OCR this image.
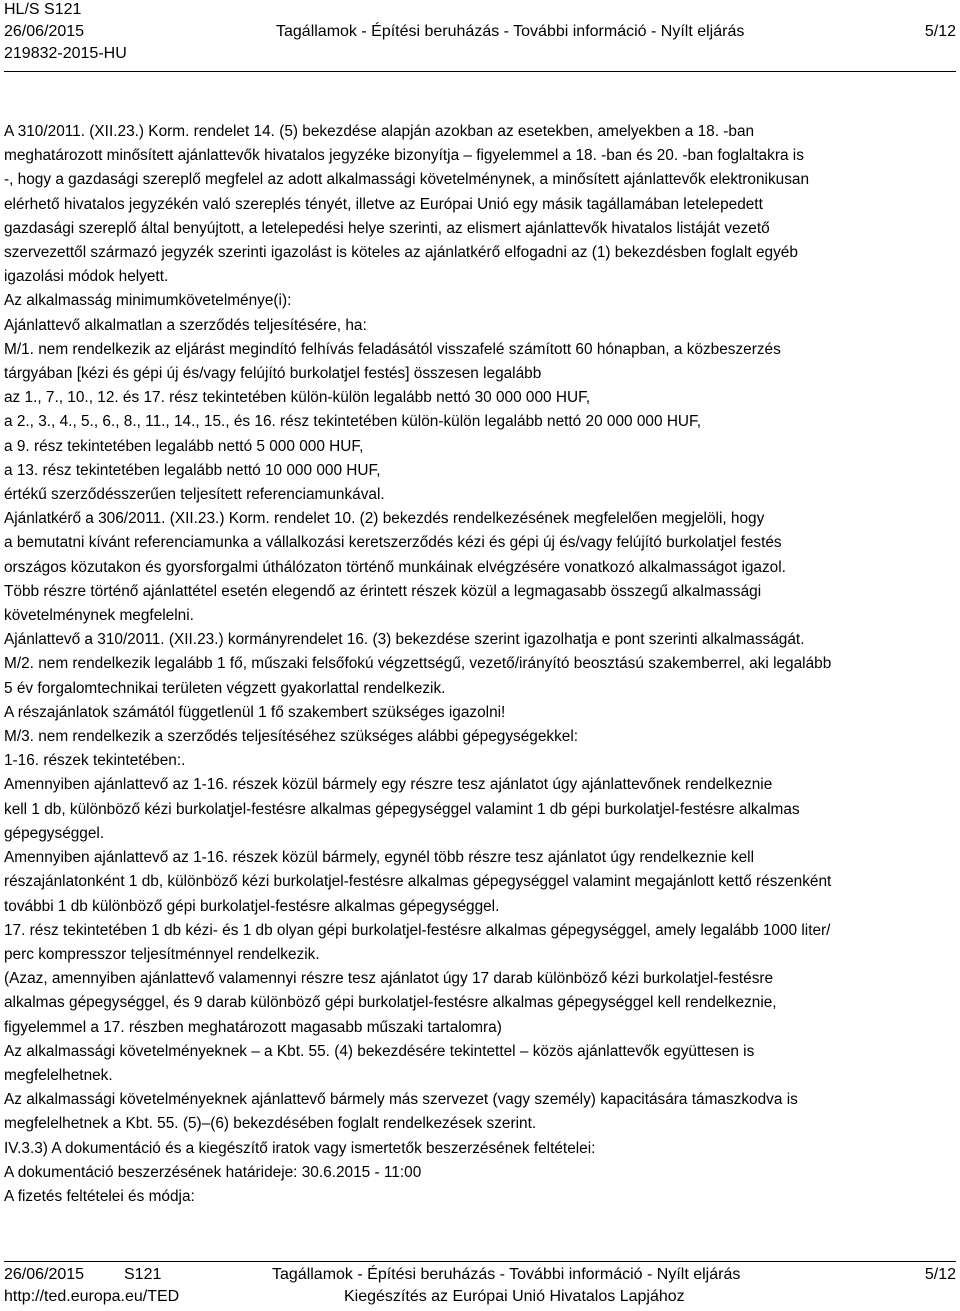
HL/S S121
26/06/2015
219832-2015-HU
Tagállamok - Építési beruházás - További információ - Nyílt eljárás	5/12

A 310/2011. (XII.23.) Korm. rendelet 14. (5) bekezdése alapján azokban az esetekben, amelyekben a 18. -ban

meghatározott minősített ajánlattevők hivatalos jegyzéke bizonyítja – figyelemmel a 18. -ban és 20. -ban foglaltakra is

-, hogy a gazdasági szereplő megfelel az adott alkalmassági követelménynek, a minősített ajánlattevők elektronikusan

elérhető hivatalos jegyzékén való szereplés tényét, illetve az Európai Unió egy másik tagállamában letelepedett

gazdasági szereplő által benyújtott, a letelepedési helye szerinti, az elismert ajánlattevők hivatalos listáját vezető

szervezettől származó jegyzék szerinti igazolást is köteles az ajánlatkérő elfogadni az (1) bekezdésben foglalt egyéb

igazolási módok helyett.

Az alkalmasság minimumkövetelménye(i):

Ajánlattevő alkalmatlan a szerződés teljesítésére, ha:

M/1. nem rendelkezik az eljárást megindító felhívás feladásától visszafelé számított 60 hónapban, a közbeszerzés

tárgyában [kézi és gépi új és/vagy felújító burkolatjel festés] összesen legalább

az 1., 7., 10., 12. és 17. rész tekintetében külön-külön legalább nettó 30 000 000 HUF,

a 2., 3., 4., 5., 6., 8., 11., 14., 15., és 16. rész tekintetében külön-külön legalább nettó 20 000 000 HUF,

a 9. rész tekintetében legalább nettó 5 000 000 HUF,

a 13. rész tekintetében legalább nettó 10 000 000 HUF,

értékű szerződésszerűen teljesített referenciamunkával.

Ajánlatkérő a 306/2011. (XII.23.) Korm. rendelet 10. (2) bekezdés rendelkezésének megfelelően megjelöli, hogy

a bemutatni kívánt referenciamunka a vállalkozási keretszerződés kézi és gépi új és/vagy felújító burkolatjel festés

országos közutakon és gyorsforgalmi úthálózaton történő munkáinak elvégzésére vonatkozó alkalmasságot igazol.

Több részre történő ajánlattétel esetén elegendő az érintett részek közül a legmagasabb összegű alkalmassági

követelménynek megfelelni.

Ajánlattevő a 310/2011. (XII.23.) kormányrendelet 16. (3) bekezdése szerint igazolhatja e pont szerinti alkalmasságát.

M/2. nem rendelkezik legalább 1 fő, műszaki felsőfokú végzettségű, vezető/irányító beosztású szakemberrel, aki legalább

5 év forgalomtechnikai területen végzett gyakorlattal rendelkezik.

A részajánlatok számától függetlenül 1 fő szakembert szükséges igazolni!

M/3. nem rendelkezik a szerződés teljesítéséhez szükséges alábbi gépegységekkel:

1-16. részek tekintetében:.

Amennyiben ajánlattevő az 1-16. részek közül bármely egy részre tesz ajánlatot úgy ajánlattevőnek rendelkeznie

kell 1 db, különböző kézi burkolatjel-festésre alkalmas gépegységgel valamint 1 db gépi burkolatjel-festésre alkalmas

gépegységgel.

Amennyiben ajánlattevő az 1-16. részek közül bármely, egynél több részre tesz ajánlatot úgy rendelkeznie kell

részajánlatonként 1 db, különböző kézi burkolatjel-festésre alkalmas gépegységgel valamint megajánlott kettő részenként

további 1 db különböző gépi burkolatjel-festésre alkalmas gépegységgel.

17. rész tekintetében 1 db kézi- és 1 db olyan gépi burkolatjel-festésre alkalmas gépegységgel, amely legalább 1000 liter/

perc kompresszor teljesítménnyel rendelkezik.

(Azaz, amennyiben ajánlattevő valamennyi részre tesz ajánlatot úgy 17 darab különböző kézi burkolatjel-festésre

alkalmas gépegységgel, és 9 darab különböző gépi burkolatjel-festésre alkalmas gépegységgel kell rendelkeznie,

figyelemmel a 17. részben meghatározott magasabb műszaki tartalomra)

Az alkalmassági követelményeknek – a Kbt. 55. (4) bekezdésére tekintettel – közös ajánlattevők együttesen is

megfelelhetnek.

Az alkalmassági követelményeknek ajánlattevő bármely más szervezet (vagy személy) kapacitására támaszkodva is

megfelelhetnek a Kbt. 55. (5)–(6) bekezdésében foglalt rendelkezések szerint.

IV.3.3) A dokumentáció és a kiegészítő iratok vagy ismertetők beszerzésének feltételei:

A dokumentáció beszerzésének határideje: 30.6.2015 - 11:00

A fizetés feltételei és módja:

26/06/2015 S121
http://ted.europa.eu/TED
Tagállamok - Építési beruházás - További információ - Nyílt eljárás
Kiegészítés az Európai Unió Hivatalos Lapjához
5/12
